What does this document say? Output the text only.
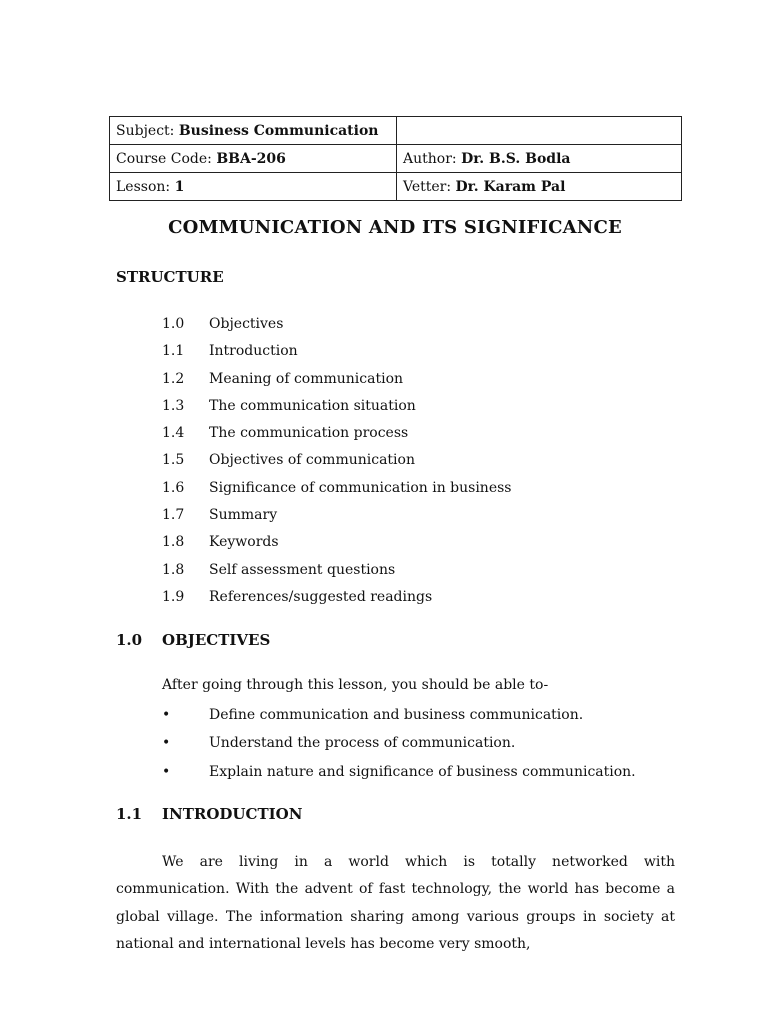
Subject: Business Communication	
Course Code: BBA-206	Author: Dr. B.S. Bodla
Lesson: 1	Vetter: Dr. Karam Pal
COMMUNICATION AND ITS SIGNIFICANCE
STRUCTURE
1.0 Objectives
1.1 Introduction
1.2 Meaning of communication
1.3 The communication situation
1.4 The communication process
1.5 Objectives of communication
1.6 Significance of communication in business
1.7 Summary
1.8 Keywords
1.8 Self assessment questions
1.9 References/suggested readings
1.0 OBJECTIVES
After going through this lesson, you should be able to-
•	Define communication and business communication.
•	Understand the process of communication.
•	Explain nature and significance of business communication.
1.1 INTRODUCTION

We are living in a world which is totally networked with communication. With the advent of fast technology, the world has become a global village. The information sharing among various groups in society at national and international levels has become very smooth,
